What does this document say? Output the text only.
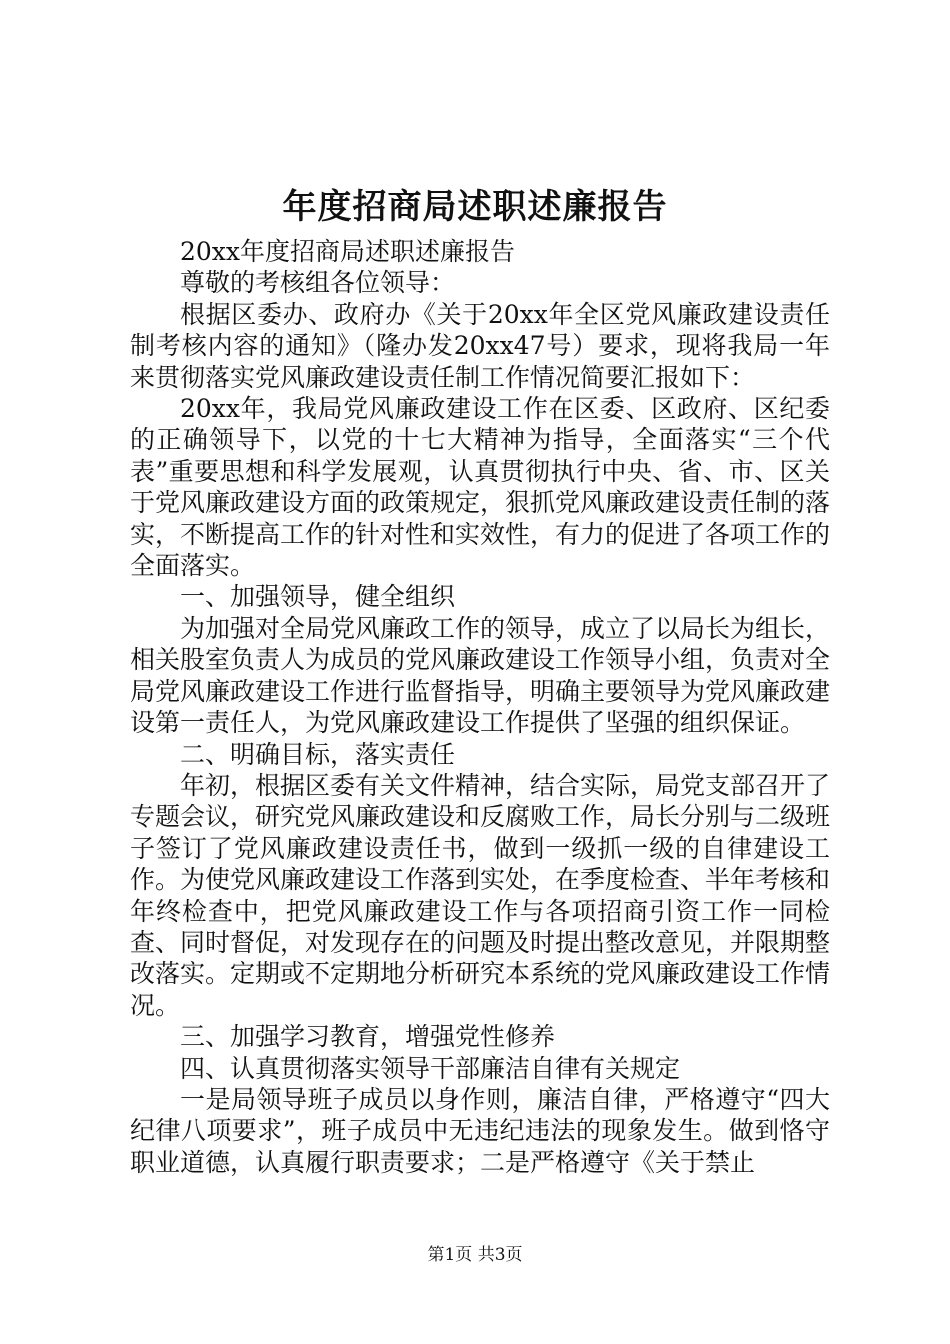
年度招商局述职述廉报告

20xx年度招商局述职述廉报告

尊敬的考核组各位领导：

根据区委办、政府办《关于20xx年全区党风廉政建设责任制考核内容的通知》（隆办发20xx47号）要求，现将我局一年来贯彻落实党风廉政建设责任制工作情况简要汇报如下：

20xx年，我局党风廉政建设工作在区委、区政府、区纪委的正确领导下，以党的十七大精神为指导，全面落实“三个代表”重要思想和科学发展观，认真贯彻执行中央、省、市、区关于党风廉政建设方面的政策规定，狠抓党风廉政建设责任制的落实，不断提高工作的针对性和实效性，有力的促进了各项工作的全面落实。

一、加强领导，健全组织

为加强对全局党风廉政工作的领导，成立了以局长为组长，相关股室负责人为成员的党风廉政建设工作领导小组，负责对全局党风廉政建设工作进行监督指导，明确主要领导为党风廉政建设第一责任人，为党风廉政建设工作提供了坚强的组织保证。

二、明确目标，落实责任

年初，根据区委有关文件精神，结合实际，局党支部召开了专题会议，研究党风廉政建设和反腐败工作，局长分别与二级班子签订了党风廉政建设责任书，做到一级抓一级的自律建设工作。为使党风廉政建设工作落到实处，在季度检查、半年考核和年终检查中，把党风廉政建设工作与各项招商引资工作一同检查、同时督促，对发现存在的问题及时提出整改意见，并限期整改落实。定期或不定期地分析研究本系统的党风廉政建设工作情况。

三、加强学习教育，增强党性修养

四、认真贯彻落实领导干部廉洁自律有关规定

一是局领导班子成员以身作则，廉洁自律，严格遵守“四大纪律八项要求”，班子成员中无违纪违法的现象发生。做到恪守职业道德，认真履行职责要求；二是严格遵守《关于禁止

第1页 共3页
